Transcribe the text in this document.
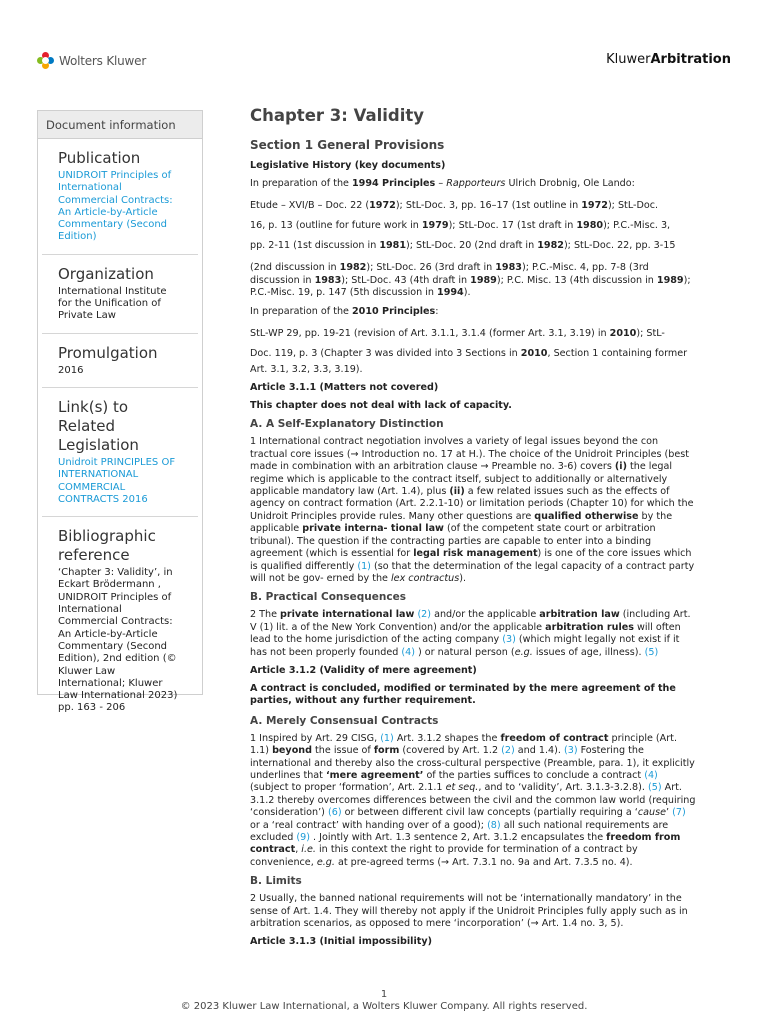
Wolters Kluwer	KluwerArbitration
Document information
Publication
UNIDROIT Principles of International Commercial Contracts: An Article-by-Article Commentary (Second Edition)
Organization
International Institute for the Unification of Private Law
Promulgation
2016
Link(s) to Related Legislation
Unidroit PRINCIPLES OF INTERNATIONAL COMMERCIAL CONTRACTS 2016
Bibliographic reference
‘Chapter 3: Validity’, in Eckart Brödermann , UNIDROIT Principles of International Commercial Contracts: An Article-by-Article Commentary (Second Edition), 2nd edition (© Kluwer Law International; Kluwer Law International 2023) pp. 163 - 206
Chapter 3: Validity
Section 1 General Provisions
Legislative History (key documents)

In preparation of the 1994 Principles – Rapporteurs Ulrich Drobnig, Ole Lando:

Etude – XVI/B – Doc. 22 (1972); StL-Doc. 3, pp. 16–17 (1st outline in 1972); StL-Doc.
16, p. 13 (outline for future work in 1979); StL-Doc. 17 (1st draft in 1980); P.C.-Misc. 3,
pp. 2-11 (1st discussion in 1981); StL-Doc. 20 (2nd draft in 1982); StL-Doc. 22, pp. 3-15

(2nd discussion in 1982); StL-Doc. 26 (3rd draft in 1983); P.C.-Misc. 4, pp. 7-8 (3rd discussion in 1983); StL-Doc. 43 (4th draft in 1989); P.C. Misc. 13 (4th discussion in 1989); P.C.-Misc. 19, p. 147 (5th discussion in 1994).

In preparation of the 2010 Principles:

StL-WP 29, pp. 19-21 (revision of Art. 3.1.1, 3.1.4 (former Art. 3.1, 3.19) in 2010); StL-
Doc. 119, p. 3 (Chapter 3 was divided into 3 Sections in 2010, Section 1 containing former

Art. 3.1, 3.2, 3.3, 3.19).

Article 3.1.1 (Matters not covered)
This chapter does not deal with lack of capacity.
A. A Self-Explanatory Distinction

1 International contract negotiation involves a variety of legal issues beyond the con tractual core issues (→ Introduction no. 17 at H.). The choice of the Unidroit Principles (best made in combination with an arbitration clause → Preamble no. 3-6) covers (i) the legal regime which is applicable to the contract itself, subject to additionally or alternatively applicable mandatory law (Art. 1.4), plus (ii) a few related issues such as the effects of agency on contract formation (Art. 2.2.1-10) or limitation periods (Chapter 10) for which the Unidroit Principles provide rules. Many other questions are qualified otherwise by the applicable private interna- tional law (of the competent state court or arbitration tribunal). The question if the contracting parties are capable to enter into a binding agreement (which is essential for legal risk management) is one of the core issues which is qualified differently (1) (so that the determination of the legal capacity of a contract party will not be gov- erned by the lex contractus).

B. Practical Consequences

2 The private international law (2) and/or the applicable arbitration law (including Art. V (1) lit. a of the New York Convention) and/or the applicable arbitration rules will often lead to the home jurisdiction of the acting company (3) (which might legally not exist if it has not been properly founded (4) ) or natural person (e.g. issues of age, illness). (5)

Article 3.1.2 (Validity of mere agreement)
A contract is concluded, modified or terminated by the mere agreement of the parties, without any further requirement.
A. Merely Consensual Contracts

1 Inspired by Art. 29 CISG, (1) Art. 3.1.2 shapes the freedom of contract principle (Art. 1.1) beyond the issue of form (covered by Art. 1.2 (2) and 1.4). (3) Fostering the international and thereby also the cross-cultural perspective (Preamble, para. 1), it explicitly underlines that ‘mere agreement’ of the parties suffices to conclude a contract (4) (subject to proper ‘formation’, Art. 2.1.1 et seq., and to ‘validity’, Art. 3.1.3-3.2.8). (5) Art. 3.1.2 thereby overcomes differences between the civil and the common law world (requiring ‘consideration’) (6) or between different civil law concepts (partially requiring a ‘cause’ (7) or a ‘real contract’ with handing over of a good); (8) all such national requirements are excluded (9) . Jointly with Art. 1.3 sentence 2, Art. 3.1.2 encapsulates the freedom from contract, i.e. in this context the right to provide for termination of a contract by convenience, e.g. at pre-agreed terms (→ Art. 7.3.1 no. 9a and Art. 7.3.5 no. 4).

B. Limits

2 Usually, the banned national requirements will not be ‘internationally mandatory’ in the sense of Art. 1.4. They will thereby not apply if the Unidroit Principles fully apply such as in arbitration scenarios, as opposed to mere ‘incorporation’ (→ Art. 1.4 no. 3, 5).

Article 3.1.3 (Initial impossibility)
1
© 2023 Kluwer Law International, a Wolters Kluwer Company. All rights reserved.
